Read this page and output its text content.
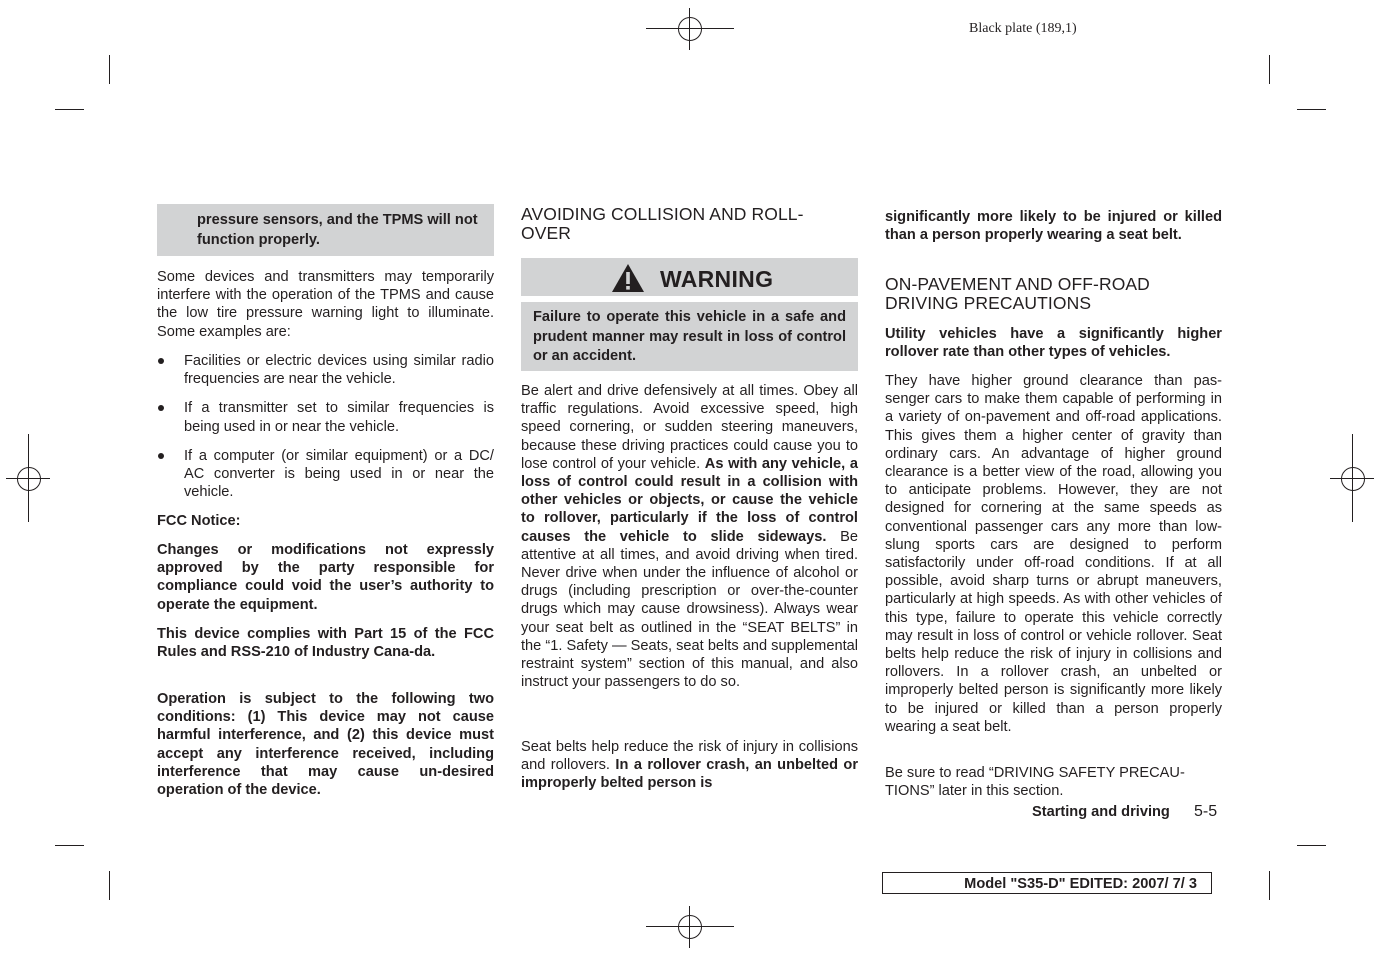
Black plate (189,1)

pressure sensors, and the TPMS will not function properly.

Some devices and transmitters may temporarily interfere with the operation of the TPMS and cause the low tire pressure warning light to illuminate. Some examples are:

Facilities or electric devices using similar radio frequencies are near the vehicle.
If a transmitter set to similar frequencies is being used in or near the vehicle.
If a computer (or similar equipment) or a DC/ AC converter is being used in or near the vehicle.

FCC Notice:

Changes or modifications not expressly approved by the party responsible for compliance could void the user’s authority to operate the equipment.

This device complies with Part 15 of the FCC Rules and RSS-210 of Industry Cana-da.

Operation is subject to the following two conditions: (1) This device may not cause harmful interference, and (2) this device must accept any interference received, including interference that may cause un-desired operation of the device.

AVOIDING COLLISION AND ROLL-OVER
WARNING

Failure to operate this vehicle in a safe and prudent manner may result in loss of control or an accident.

Be alert and drive defensively at all times. Obey all traffic regulations. Avoid excessive speed, high speed cornering, or sudden steering maneuvers, because these driving practices could cause you to lose control of your vehicle. As with any vehicle, a loss of control could result in a collision with other vehicles or objects, or cause the vehicle to rollover, particularly if the loss of control causes the vehicle to slide sideways. Be attentive at all times, and avoid driving when tired. Never drive when under the influence of alcohol or drugs (including prescription or over-the-counter drugs which may cause drowsiness). Always wear your seat belt as outlined in the “SEAT BELTS” in the “1. Safety — Seats, seat belts and supplemental restraint system” section of this manual, and also instruct your passengers to do so.

Seat belts help reduce the risk of injury in collisions and rollovers. In a rollover crash, an unbelted or improperly belted person is

significantly more likely to be injured or killed than a person properly wearing a seat belt.

ON-PAVEMENT AND OFF-ROAD DRIVING PRECAUTIONS

Utility vehicles have a significantly higher rollover rate than other types of vehicles.

They have higher ground clearance than pas-senger cars to make them capable of performing in a variety of on-pavement and off-road applications. This gives them a higher center of gravity than ordinary cars. An advantage of higher ground clearance is a better view of the road, allowing you to anticipate problems. However, they are not designed for cornering at the same speeds as conventional passenger cars any more than low-slung sports cars are designed to perform satisfactorily under off-road conditions. If at all possible, avoid sharp turns or abrupt maneuvers, particularly at high speeds. As with other vehicles of this type, failure to operate this vehicle correctly may result in loss of control or vehicle rollover. Seat belts help reduce the risk of injury in collisions and rollovers. In a rollover crash, an unbelted or improperly belted person is significantly more likely to be injured or killed than a person properly wearing a seat belt.

Be sure to read “DRIVING SAFETY PRECAU-TIONS” later in this section.

Starting and driving 5-5
Model "S35-D" EDITED: 2007/ 7/ 3
